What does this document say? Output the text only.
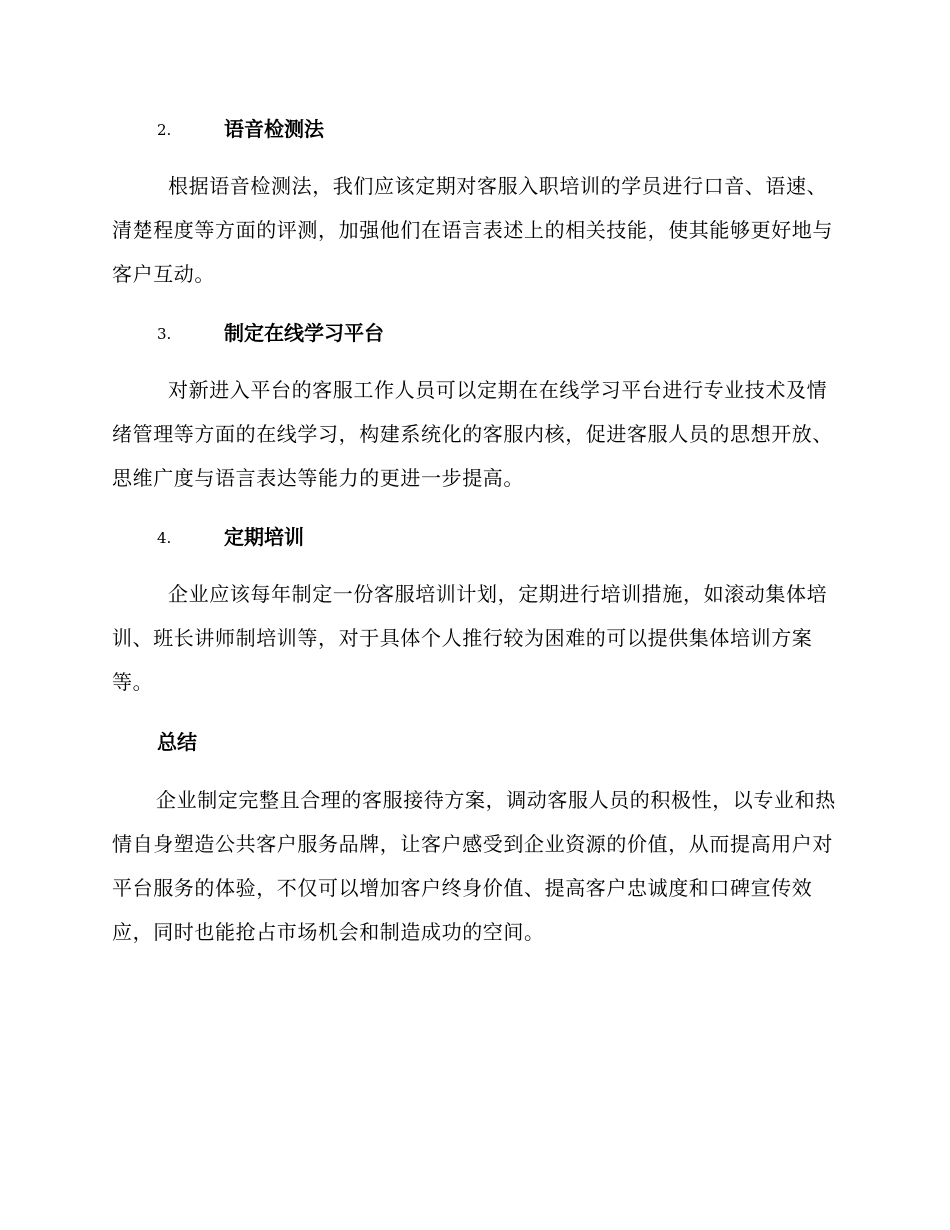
2.	语音检测法

根据语音检测法，我们应该定期对客服入职培训的学员进行口音、语速、清楚程度等方面的评测，加强他们在语言表述上的相关技能，使其能够更好地与客户互动。

3.	制定在线学习平台

对新进入平台的客服工作人员可以定期在在线学习平台进行专业技术及情绪管理等方面的在线学习，构建系统化的客服内核，促进客服人员的思想开放、思维广度与语言表达等能力的更进一步提高。

4.	定期培训

企业应该每年制定一份客服培训计划，定期进行培训措施，如滚动集体培训、班长讲师制培训等，对于具体个人推行较为困难的可以提供集体培训方案等。

总结

企业制定完整且合理的客服接待方案，调动客服人员的积极性，以专业和热情自身塑造公共客户服务品牌，让客户感受到企业资源的价值，从而提高用户对平台服务的体验，不仅可以增加客户终身价值、提高客户忠诚度和口碑宣传效应，同时也能抢占市场机会和制造成功的空间。
